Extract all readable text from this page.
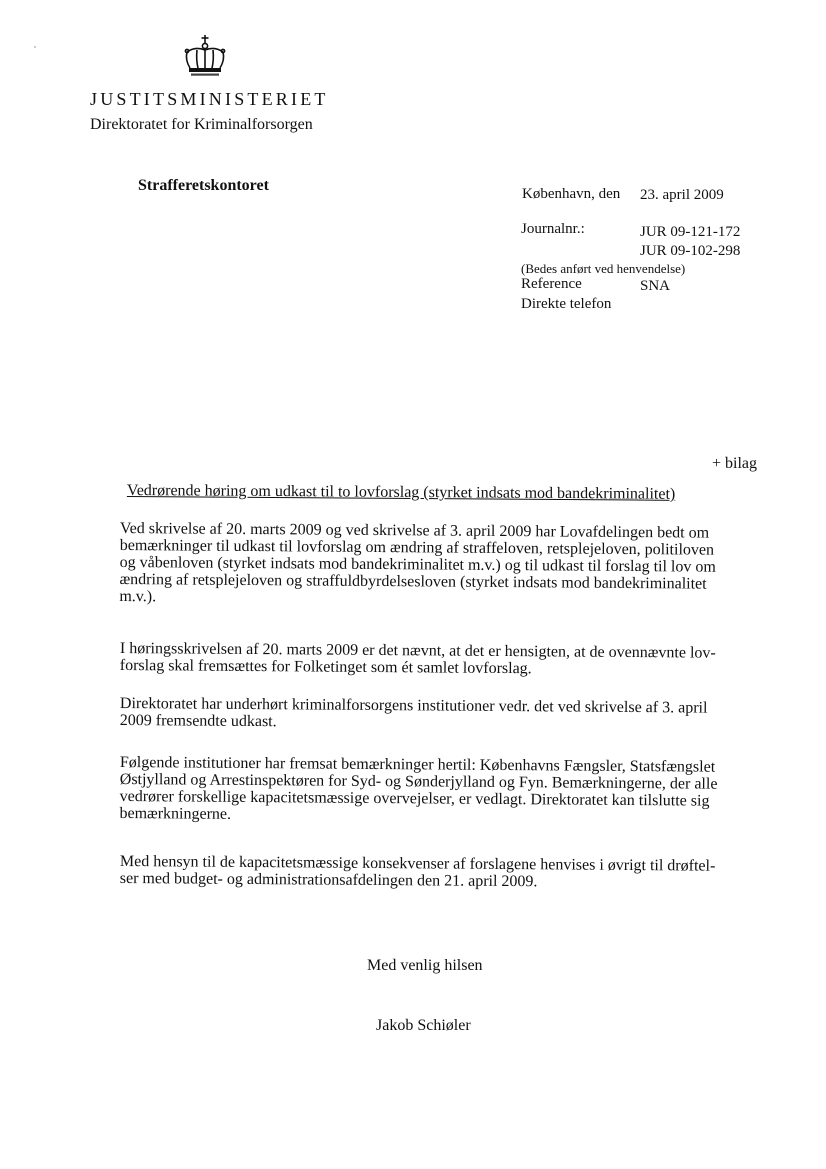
JUSTITSMINISTERIET
Direktoratet for Kriminalforsorgen
Strafferetskontoret	København, den 23. april 2009
Journalnr.:	JUR 09-121-172
JUR 09-102-298
(Bedes anført ved henvendelse)
Reference	SNA
Direkte telefon
+ bilag
Vedrørende høring om udkast til to lovforslag (styrket indsats mod bandekriminalitet)
Ved skrivelse af 20. marts 2009 og ved skrivelse af 3. april 2009 har Lovafdelingen bedt om
bemærkninger til udkast til lovforslag om ændring af straffeloven, retsplejeloven, politiloven
og våbenloven (styrket indsats mod bandekriminalitet m.v.) og til udkast til forslag til lov om
ændring af retsplejeloven og straffuldbyrdelsesloven (styrket indsats mod bandekriminalitet
m.v.).
I høringsskrivelsen af 20. marts 2009 er det nævnt, at det er hensigten, at de ovennævnte lov-
forslag skal fremsættes for Folketinget som ét samlet lovforslag.
Direktoratet har underhørt kriminalforsorgens institutioner vedr. det ved skrivelse af 3. april
2009 fremsendte udkast.
Følgende institutioner har fremsat bemærkninger hertil: Københavns Fængsler, Statsfængslet
Østjylland og Arrestinspektøren for Syd- og Sønderjylland og Fyn. Bemærkningerne, der alle
vedrører forskellige kapacitetsmæssige overvejelser, er vedlagt. Direktoratet kan tilslutte sig
bemærkningerne.
Med hensyn til de kapacitetsmæssige konsekvenser af forslagene henvises i øvrigt til drøftel-
ser med budget- og administrationsafdelingen den 21. april 2009.
Med venlig hilsen
Jakob Schiøler
